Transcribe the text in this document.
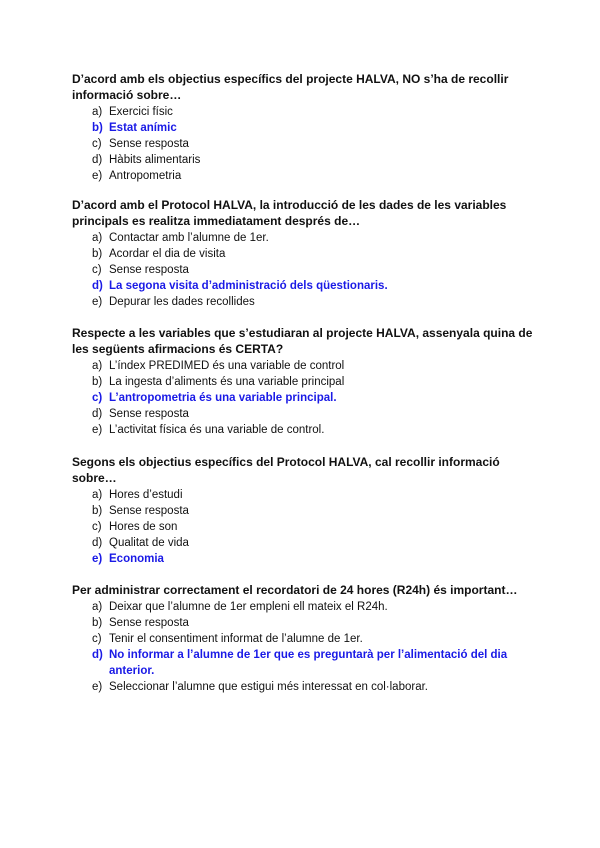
D’acord amb els objectius específics del projecte HALVA, NO s’ha de recollir informació sobre…

a) Exercici físic
b) Estat anímic
c) Sense resposta
d) Hàbits alimentaris
e) Antropometria

D’acord amb el Protocol HALVA, la introducció de les dades de les variables principals es realitza immediatament després de…

a) Contactar amb l’alumne de 1er.
b) Acordar el dia de visita
c) Sense resposta
d) La segona visita d’administració dels qüestionaris.
e) Depurar les dades recollides

Respecte a les variables que s’estudiaran al projecte HALVA, assenyala quina de les següents afirmacions és CERTA?

a) L’índex PREDIMED és una variable de control
b) La ingesta d’aliments és una variable principal
c) L’antropometria és una variable principal.
d) Sense resposta
e) L’activitat física és una variable de control.

Segons els objectius específics del Protocol HALVA, cal recollir informació sobre…

a) Hores d’estudi
b) Sense resposta
c) Hores de son
d) Qualitat de vida
e) Economia

Per administrar correctament el recordatori de 24 hores (R24h) és important…

a) Deixar que l’alumne de 1er empleni ell mateix el R24h.
b) Sense resposta
c) Tenir el consentiment informat de l’alumne de 1er.
d) No informar a l’alumne de 1er que es preguntarà per l’alimentació del dia anterior.
e) Seleccionar l’alumne que estigui més interessat en col·laborar.
